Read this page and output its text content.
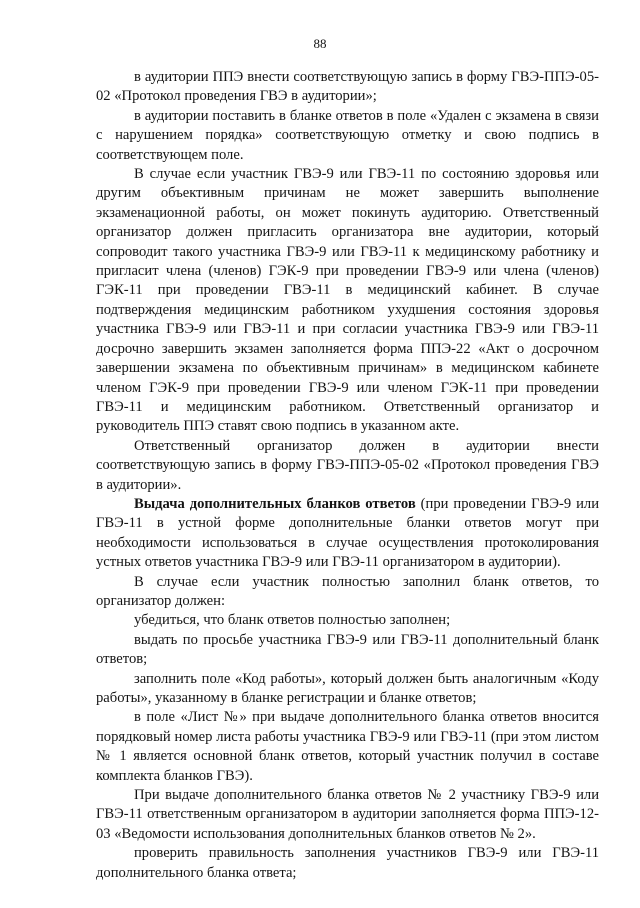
88

в аудитории ППЭ внести соответствующую запись в форму ГВЭ-ППЭ-05-02 «Протокол проведения ГВЭ в аудитории»;

в аудитории поставить в бланке ответов в поле «Удален с экзамена в связи с нарушением порядка» соответствующую отметку и свою подпись в соответствующем поле.

В случае если участник ГВЭ-9 или ГВЭ-11 по состоянию здоровья или другим объективным причинам не может завершить выполнение экзаменационной работы, он может покинуть аудиторию. Ответственный организатор должен пригласить организатора вне аудитории, который сопроводит такого участника ГВЭ-9 или ГВЭ-11 к медицинскому работнику и пригласит члена (членов) ГЭК-9 при проведении ГВЭ-9 или члена (членов) ГЭК-11 при проведении ГВЭ-11 в медицинский кабинет. В случае подтверждения медицинским работником ухудшения состояния здоровья участника ГВЭ-9 или ГВЭ-11 и при согласии участника ГВЭ-9 или ГВЭ-11 досрочно завершить экзамен заполняется форма ППЭ-22 «Акт о досрочном завершении экзамена по объективным причинам» в медицинском кабинете членом ГЭК-9 при проведении ГВЭ-9 или членом ГЭК-11 при проведении ГВЭ-11 и медицинским работником. Ответственный организатор и руководитель ППЭ ставят свою подпись в указанном акте.

Ответственный организатор должен в аудитории внести соответствующую запись в форму ГВЭ-ППЭ-05-02 «Протокол проведения ГВЭ в аудитории».

Выдача дополнительных бланков ответов (при проведении ГВЭ-9 или ГВЭ-11 в устной форме дополнительные бланки ответов могут при необходимости использоваться в случае осуществления протоколирования устных ответов участника ГВЭ-9 или ГВЭ-11 организатором в аудитории).

В случае если участник полностью заполнил бланк ответов, то организатор должен:

убедиться, что бланк ответов полностью заполнен;

выдать по просьбе участника ГВЭ-9 или ГВЭ-11 дополнительный бланк ответов;

заполнить поле «Код работы», который должен быть аналогичным «Коду работы», указанному в бланке регистрации и бланке ответов;

в поле «Лист №» при выдаче дополнительного бланка ответов вносится порядковый номер листа работы участника ГВЭ-9 или ГВЭ-11 (при этом листом № 1 является основной бланк ответов, который участник получил в составе комплекта бланков ГВЭ).

При выдаче дополнительного бланка ответов № 2 участнику ГВЭ-9 или ГВЭ-11 ответственным организатором в аудитории заполняется форма ППЭ-12-03 «Ведомости использования дополнительных бланков ответов № 2».

проверить правильность заполнения участников ГВЭ-9 или ГВЭ-11 дополнительного бланка ответа;
